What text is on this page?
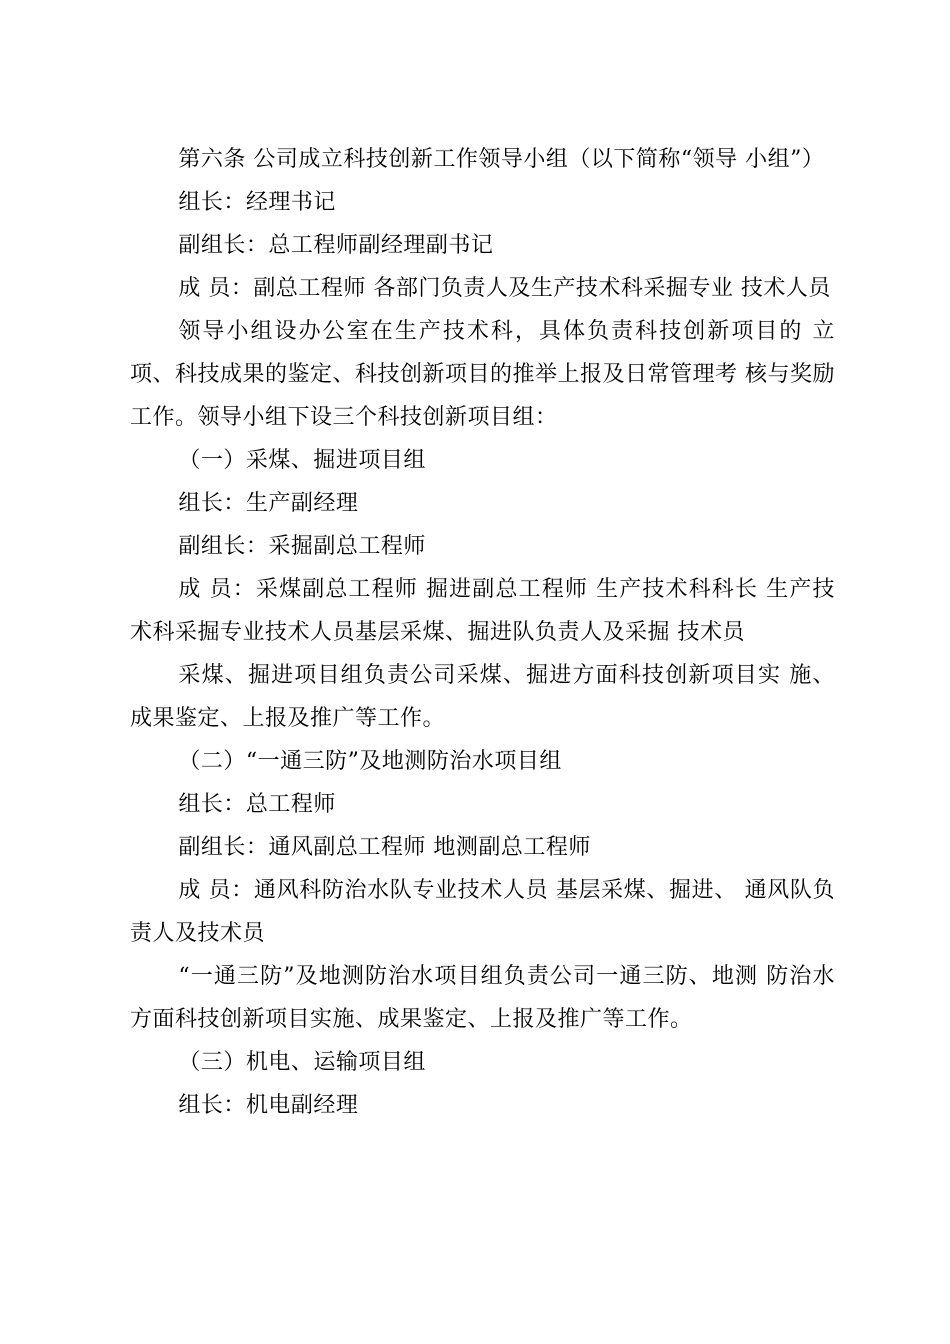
第六条 公司成立科技创新工作领导小组（以下简称“领导 小组”）

组长：经理书记

副组长：总工程师副经理副书记

成 员：副总工程师 各部门负责人及生产技术科采掘专业 技术人员

领导小组设办公室在生产技术科，具体负责科技创新项目的 立项、科技成果的鉴定、科技创新项目的推举上报及日常管理考 核与奖励工作。领导小组下设三个科技创新项目组：

（一）采煤、掘进项目组

组长：生产副经理

副组长：采掘副总工程师

成 员：采煤副总工程师 掘进副总工程师 生产技术科科长 生产技术科采掘专业技术人员基层采煤、掘进队负责人及采掘 技术员

采煤、掘进项目组负责公司采煤、掘进方面科技创新项目实 施、成果鉴定、上报及推广等工作。

（二）“一通三防”及地测防治水项目组

组长：总工程师

副组长：通风副总工程师 地测副总工程师

成 员：通风科防治水队专业技术人员 基层采煤、掘进、 通风队负责人及技术员

“一通三防”及地测防治水项目组负责公司一通三防、地测 防治水方面科技创新项目实施、成果鉴定、上报及推广等工作。

（三）机电、运输项目组

组长：机电副经理
